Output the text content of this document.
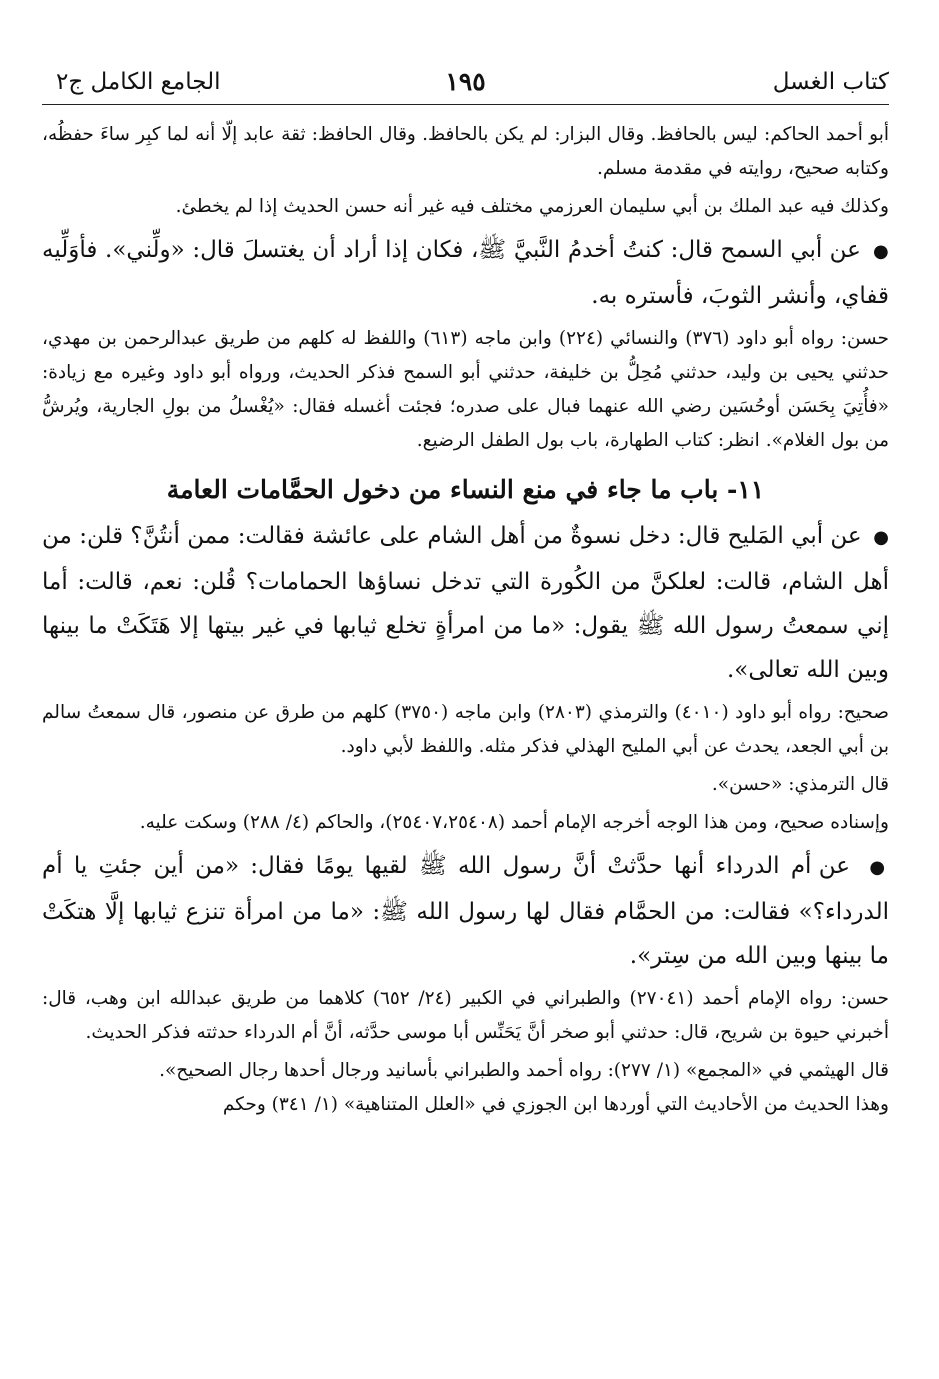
كتاب الغسل
١٩٥
الجامع الكامل ج٢

أبو أحمد الحاكم: ليس بالحافظ. وقال البزار: لم يكن بالحافظ. وقال الحافظ: ثقة عابد إلّا أنه لما كبِر ساءَ حفظُه، وكتابه صحيح، روايته في مقدمة مسلم.

وكذلك فيه عبد الملك بن أبي سليمان العرزمي مختلف فيه غير أنه حسن الحديث إذا لم يخطئ.

●  عن أبي السمح قال: كنتُ أخدمُ النَّبيَّ ﷺ، فكان إذا أراد أن يغتسلَ قال: «ولِّني». فأوَلِّيه قفاي، وأنشر الثوبَ، فأستره به.

حسن: رواه أبو داود (٣٧٦) والنسائي (٢٢٤) وابن ماجه (٦١٣) واللفظ له كلهم من طريق عبدالرحمن بن مهدي، حدثني يحيى بن وليد، حدثني مُحِلُّ بن خليفة، حدثني أبو السمح فذكر الحديث، ورواه أبو داود وغيره مع زيادة: «فأُتِيَ بِحَسَن أوحُسَين رضي الله عنهما فبال على صدره؛ فجئت أغسله فقال: «يُغْسلُ من بولِ الجارية، ويُرشُّ من بول الغلام». انظر: كتاب الطهارة، باب بول الطفل الرضيع.

١١- باب ما جاء في منع النساء من دخول الحمَّامات العامة

●  عن أبي المَليح قال: دخل نسوةٌ من أهل الشام على عائشة فقالت: ممن أنتُنَّ؟ قلن: من أهل الشام، قالت: لعلكنَّ من الكُورة التي تدخل نساؤها الحمامات؟ قُلن: نعم، قالت: أما إني سمعتُ رسول الله ﷺ يقول: «ما من امرأةٍ تخلع ثيابها في غير بيتها إلا هَتَكَتْ ما بينها وبين الله تعالى».

صحيح: رواه أبو داود (٤٠١٠) والترمذي (٢٨٠٣) وابن ماجه (٣٧٥٠) كلهم من طرق عن منصور، قال سمعتُ سالم بن أبي الجعد، يحدث عن أبي المليح الهذلي فذكر مثله. واللفظ لأبي داود.

قال الترمذي: «حسن».

وإسناده صحيح، ومن هذا الوجه أخرجه الإمام أحمد (٢٥٤٠٧،٢٥٤٠٨)، والحاكم (٤/ ٢٨٨) وسكت عليه.

●  عن أم الدرداء أنها حدَّثتْ أنَّ رسول الله ﷺ لقيها يومًا فقال: «من أين جئتِ يا أم الدرداء؟» فقالت: من الحمَّام فقال لها رسول الله ﷺ: «ما من امرأة تنزع ثيابها إلَّا هتكَتْ ما بينها وبين الله من سِتر».

حسن: رواه الإمام أحمد (٢٧٠٤١) والطبراني في الكبير (٢٤/ ٦٥٢) كلاهما من طريق عبدالله ابن وهب، قال: أخبرني حيوة بن شريح، قال: حدثني أبو صخر أنَّ يَحَنِّس أبا موسى حدَّثه، أنَّ أم الدرداء حدثته فذكر الحديث.

قال الهيثمي في «المجمع» (١/ ٢٧٧): رواه أحمد والطبراني بأسانيد ورجال أحدها رجال الصحيح».

وهذا الحديث من الأحاديث التي أوردها ابن الجوزي في «العلل المتناهية» (١/ ٣٤١) وحكم
